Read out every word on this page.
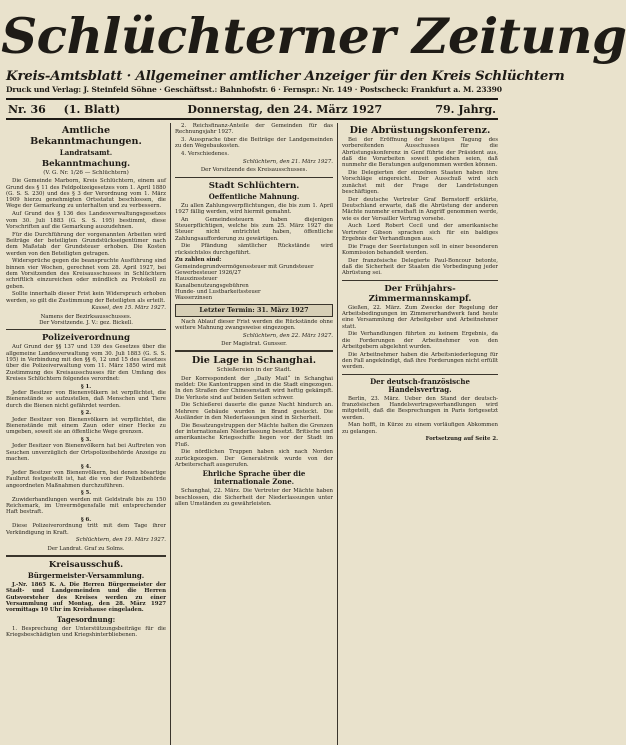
Schlüchterner Zeitung
Kreis-Amtsblatt · Allgemeiner amtlicher Anzeiger für den Kreis Schlüchtern
Druck und Verlag: J. Steinfeld Söhne · Geschäftsst.: Bahnhofstr. 6 · Fernspr.: Nr. 149 · Postscheck: Frankfurt a. M. 23390
Nr. 36 (1. Blatt)	Donnerstag, den 24. März 1927	79. Jahrg.
Amtliche Bekanntmachungen.
Landratsamt.
Bekanntmachung.
(V. G. Nr. 1/26 — Schlüchtern)

Die Gemeinde Marborn, Kreis Schlüchtern, einem auf Grund des § 11 des Feldpolizeigesetzes vom 1. April 1880 (G. S. S. 230) und des § 3 der Verordnung vom 1. März 1909 hierzu genehmigten Ortsstatut beschlossen, die Wege der Gemarkung zu unterhalten und zu verbessern.

Auf Grund des § 136 des Landesverwaltungsgesetzes vom 30. Juli 1883 (G. S. S. 195) bestimmt, diese Vorschriften auf die Gemarkung auszudehnen.

Für die Durchführung der vorgenannten Arbeiten wird Beiträge der beteiligten Grundstückseigentümer nach dem Maßstab der Grundsteuer erhoben. Die Kosten werden von den Beteiligten getragen.

Widersprüche gegen die beanspruchte Ausführung sind binnen vier Wochen, gerechnet vom 28. April 1927, bei dem Vorsitzenden des Kreisausschusses in Schlüchtern schriftlich einzureichen oder mündlich zu Protokoll zu geben.

Sollte innerhalb dieser Frist kein Widerspruch erhoben werden, so gilt die Zustimmung der Beteiligten als erteilt.

Kassel, den 15. März 1927.
Namens der Bezirksausschusses.
Der Vorsitzende. J. V.: gez. Bickell.
Polizeiverordnung

Auf Grund der §§ 137 und 139 des Gesetzes über die allgemeine Landesverwaltung vom 30. Juli 1883 (G. S. S. 195) in Verbindung mit den §§ 6, 12 und 15 des Gesetzes über die Polizeiverwaltung vom 11. März 1850 wird mit Zustimmung des Kreisausschusses für den Umfang des Kreises Schlüchtern folgendes verordnet:

§ 1.

Jeder Besitzer von Bienenvölkern ist verpflichtet, die Bienenstände so aufzustellen, daß Menschen und Tiere durch die Bienen nicht gefährdet werden.

§ 2.

Jeder Besitzer von Bienenvölkern ist verpflichtet, die Bienenstände mit einem Zaun oder einer Hecke zu umgeben, soweit sie an öffentliche Wege grenzen.

§ 3.

Jeder Besitzer von Bienenvölkern hat bei Auftreten von Seuchen unverzüglich der Ortspolizeibehörde Anzeige zu machen.

§ 4.

Jeder Besitzer von Bienenvölkern, bei denen bösartige Faulbrut festgestellt ist, hat die von der Polizeibehörde angeordneten Maßnahmen durchzuführen.

§ 5.

Zuwiderhandlungen werden mit Geldstrafe bis zu 150 Reichsmark, im Unvermögensfalle mit entsprechender Haft bestraft.

§ 6.

Diese Polizeiverordnung tritt mit dem Tage ihrer Verkündigung in Kraft.

Schlüchtern, den 19. März 1927.
Der Landrat. Graf zu Solms.
Kreisausschuß.
Bürgermeister-Versammlung.

J.-Nr. 1865 K. A. Die Herren Bürgermeister der Stadt- und Landgemeinden und die Herren Gutsvorsteher des Kreises werden zu einer Versammlung auf Montag, den 28. März 1927 vormittags 10 Uhr im Kreishause eingeladen.

Tagesordnung:

1. Besprechung der Unterstützungsbeiträge für die Kriegsbeschädigten und Kriegshinterbliebenen.

2. Reichsfinanz-Anteile der Gemeinden für das Rechnungsjahr 1927.

3. Aussprache über die Beiträge der Landgemeinden zu den Wegebaukosten.

4. Verschiedenes.

Schlüchtern, den 21. März 1927.
Der Vorsitzende des Kreisausschusses.
Stadt Schlüchtern.
Oeffentliche Mahnung.

Zu allen Zahlungsverpflichtungen, die bis zum 1. April 1927 fällig werden, wird hiermit gemahnt.

An Gemeindesteuern haben diejenigen Steuerpflichtigen, welche bis zum 25. März 1927 die Steuer nicht entrichtet haben, öffentliche Zahlungsaufforderung zu gewärtigen.

Die Pfändung sämtlicher Rückstände wird rücksichtslos durchgeführt.

Zu zahlen sind:
Gemeindegrundvermögenssteuer mit Grundsteuer
Gewerbesteuer 1926/27
Hauszinssteuer
Kanalbenutzungsgebühren
Hunde- und Lustbarkeitssteuer
Wasserzinsen
Letzter Termin: 31. März 1927

Nach Ablauf dieser Frist werden die Rückstände ohne weitere Mahnung zwangsweise eingezogen.

Schlüchtern, den 22. März 1927.
Der Magistrat. Gunsser.
Die Lage in Schanghai.
Schießereien in der Stadt.

Der Korrespondent der „Daily Mail“ in Schanghai meldet: Die Kantontruppen sind in die Stadt eingezogen. In den Straßen der Chinesenstadt wird heftig gekämpft. Die Verluste sind auf beiden Seiten schwer.

Die Schießerei dauerte die ganze Nacht hindurch an. Mehrere Gebäude wurden in Brand gesteckt. Die Ausländer in den Niederlassungen sind in Sicherheit.

Die Besatzungstruppen der Mächte halten die Grenzen der internationalen Niederlassung besetzt. Britische und amerikanische Kriegsschiffe liegen vor der Stadt im Fluß.

Die nördlichen Truppen haben sich nach Norden zurückgezogen. Der Generalstreik wurde von der Arbeiterschaft ausgerufen.

Ehrliche Sprache über die internationale Zone.

Schanghai, 22. März. Die Vertreter der Mächte haben beschlossen, die Sicherheit der Niederlassungen unter allen Umständen zu gewährleisten.

Die Abrüstungskonferenz.

Bei der Eröffnung der heutigen Tagung des vorbereitenden Ausschusses für die Abrüstungskonferenz in Genf führte der Präsident aus, daß die Vorarbeiten soweit gediehen seien, daß nunmehr die Beratungen aufgenommen werden können.

Die Delegierten der einzelnen Staaten haben ihre Vorschläge eingereicht. Der Ausschuß wird sich zunächst mit der Frage der Landrüstungen beschäftigen.

Der deutsche Vertreter Graf Bernstorff erklärte, Deutschland erwarte, daß die Abrüstung der anderen Mächte nunmehr ernsthaft in Angriff genommen werde, wie es der Versailler Vertrag vorsehe.

Auch Lord Robert Cecil und der amerikanische Vertreter Gibson sprachen sich für ein baldiges Ergebnis der Verhandlungen aus.

Die Frage der Seerüstungen soll in einer besonderen Kommission behandelt werden.

Der französische Delegierte Paul-Boncour betonte, daß die Sicherheit der Staaten die Vorbedingung jeder Abrüstung sei.

Der Frühjahrs-Zimmermannskampf.

Gießen, 22. März. Zum Zwecke der Regelung der Arbeitsbedingungen im Zimmererhandwerk fand heute eine Versammlung der Arbeitgeber und Arbeitnehmer statt.

Die Verhandlungen führten zu keinem Ergebnis, da die Forderungen der Arbeitnehmer von den Arbeitgebern abgelehnt wurden.

Die Arbeitnehmer haben die Arbeitsniederlegung für den Fall angekündigt, daß ihre Forderungen nicht erfüllt werden.

Der deutsch-französische Handelsvertrag.

Berlin, 23. März. Ueber den Stand der deutsch-französischen Handelsvertragsverhandlungen wird mitgeteilt, daß die Besprechungen in Paris fortgesetzt werden.

Man hofft, in Kürze zu einem vorläufigen Abkommen zu gelangen.

Fortsetzung auf Seite 2.
